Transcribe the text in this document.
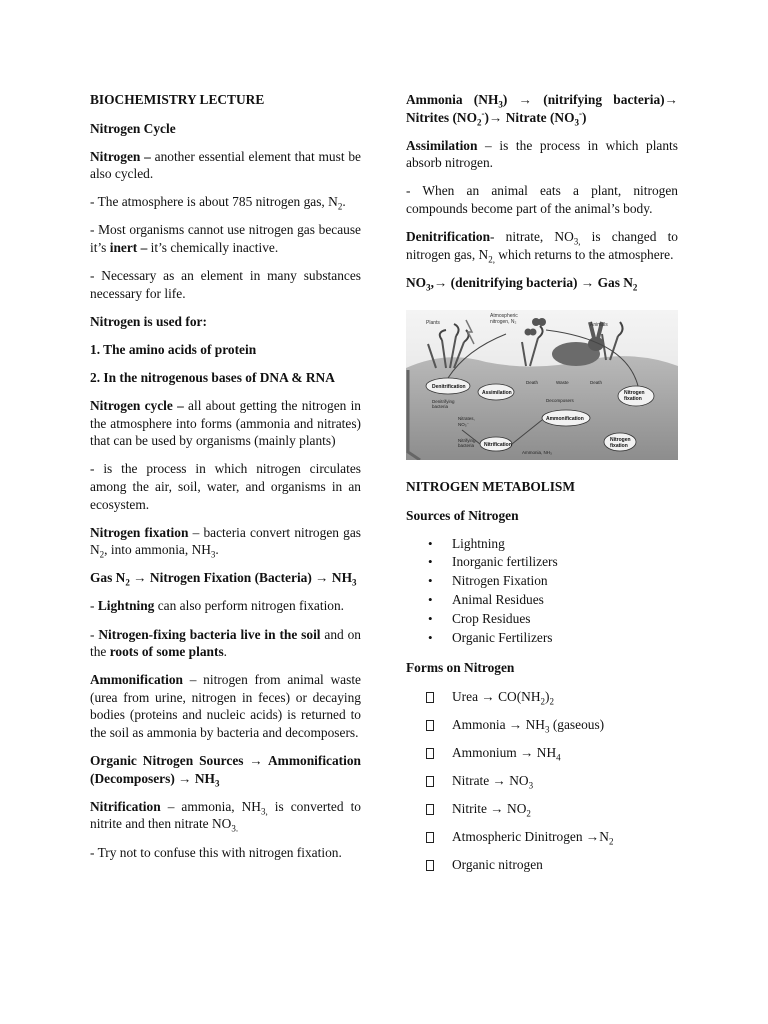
BIOCHEMISTRY LECTURE

Nitrogen Cycle

Nitrogen – another essential element that must be also cycled.

- The atmosphere is about 785 nitrogen gas, $N_2$.

- Most organisms cannot use nitrogen gas because it’s inert – it’s chemically inactive.

- Necessary as an element in many substances necessary for life.

Nitrogen is used for:

1. The amino acids of protein

2. In the nitrogenous bases of DNA & RNA

Nitrogen cycle – all about getting the nitrogen in the atmosphere into forms (ammonia and nitrates) that can be used by organisms (mainly plants)

- is the process in which nitrogen circulates among the air, soil, water, and organisms in an ecosystem.

Nitrogen fixation – bacteria convert nitrogen gas $N_2$, into ammonia, $NH_3$.

Gas $N_2$ → Nitrogen Fixation (Bacteria) → $NH_3$

- Lightning can also perform nitrogen fixation.

- Nitrogen-fixing bacteria live in the soil and on the roots of some plants.

Ammonification – nitrogen from animal waste (urea from urine, nitrogen in feces) or decaying bodies (proteins and nucleic acids) is returned to the soil as ammonia by bacteria and decomposers.

Organic Nitrogen Sources → Ammonification (Decomposers) → $NH_3$

Nitrification – ammonia, $NH_{3,}$ is converted to nitrite and then nitrate $NO_{3.}$

- Try not to confuse this with nitrogen fixation.

Ammonia $(NH_3)$ → (nitrifying bacteria)→ Nitrites $(NO_2^-)\to$ Nitrate $(NO_3^-)$

Assimilation – is the process in which plants absorb nitrogen.

- When an animal eats a plant, nitrogen compounds become part of the animal’s body.

Denitrification- nitrate, $NO_{3,}$ is changed to nitrogen gas, $N_{2,}$ which returns to the atmosphere.

$NO_3,\to$ (denitrifying bacteria) → Gas $N_2$

Plants
Atmospheric
nitrogen, N₂	Animals
Denitrification
Denitrifying
bacteria
Assimilation
Death	Waste	Death
Decomposers
Ammonification
Nitrogen
fixation
Nitrates,
NO₃⁻
Nitrifying
bacteria Nitrification
Ammonia, NH₃
Nitrogen
fixation

NITROGEN METABOLISM

Sources of Nitrogen

• Lightning
• Inorganic fertilizers
• Nitrogen Fixation
• Animal Residues
• Crop Residues
• Organic Fertilizers

Forms on Nitrogen

Urea → $CO(NH_2)_2$
Ammonia → $NH_3$ (gaseous)
Ammonium → $NH_4$
Nitrate → $NO_3$
Nitrite → $NO_2$
Atmospheric Dinitrogen $\to N_2$
Organic nitrogen
